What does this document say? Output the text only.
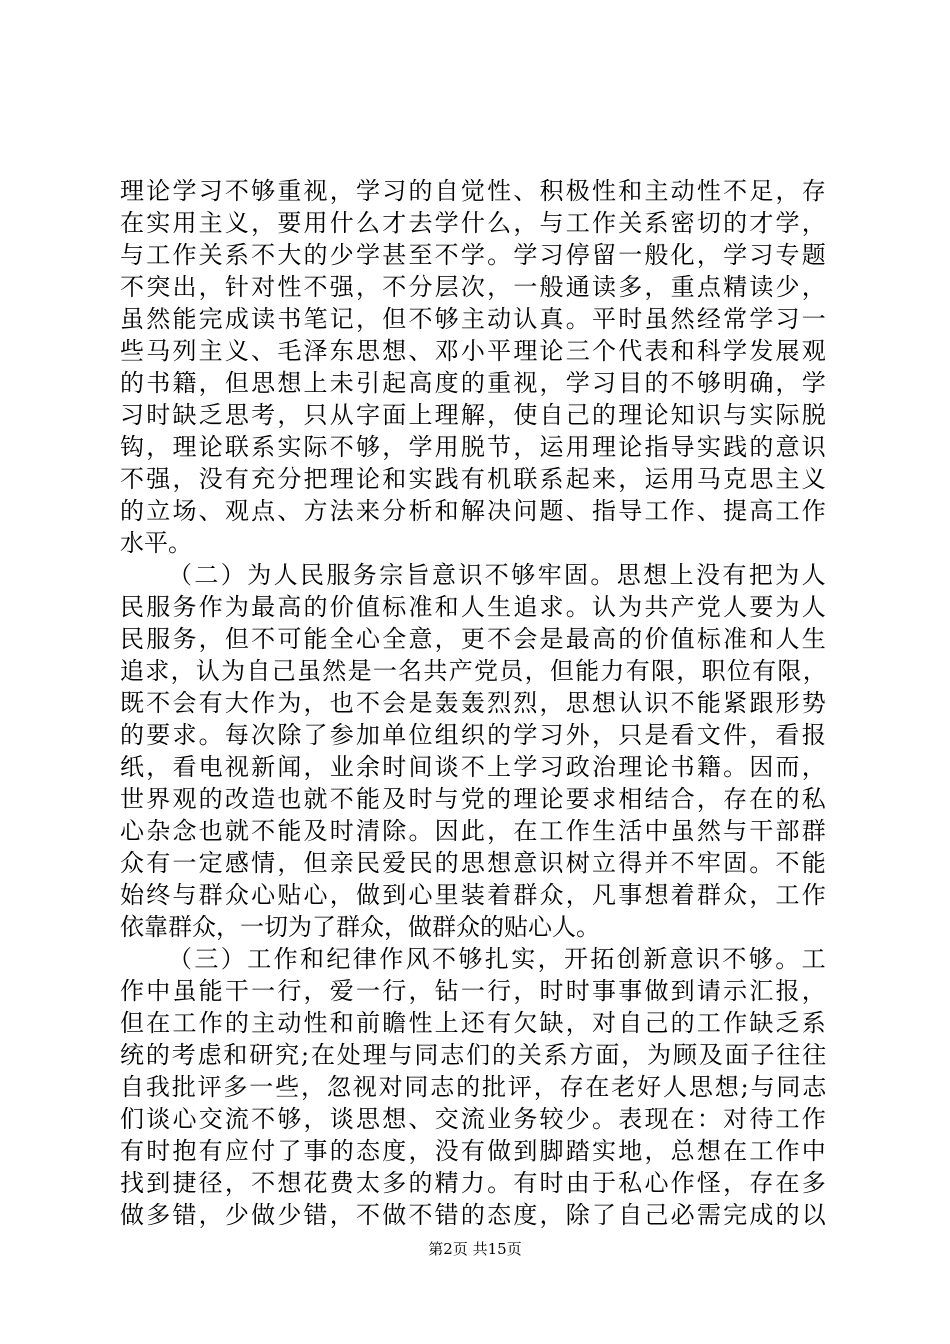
理论学习不够重视，学习的自觉性、积极性和主动性不足，存
在实用主义，要用什么才去学什么，与工作关系密切的才学，
与工作关系不大的少学甚至不学。学习停留一般化，学习专题
不突出，针对性不强，不分层次，一般通读多，重点精读少，
虽然能完成读书笔记，但不够主动认真。平时虽然经常学习一
些马列主义、毛泽东思想、邓小平理论三个代表和科学发展观
的书籍，但思想上未引起高度的重视，学习目的不够明确，学
习时缺乏思考，只从字面上理解，使自己的理论知识与实际脱
钩，理论联系实际不够，学用脱节，运用理论指导实践的意识
不强，没有充分把理论和实践有机联系起来，运用马克思主义
的立场、观点、方法来分析和解决问题、指导工作、提高工作
水平。
（二）为人民服务宗旨意识不够牢固。思想上没有把为人
民服务作为最高的价值标准和人生追求。认为共产党人要为人
民服务，但不可能全心全意，更不会是最高的价值标准和人生
追求，认为自己虽然是一名共产党员，但能力有限，职位有限，
既不会有大作为，也不会是轰轰烈烈，思想认识不能紧跟形势
的要求。每次除了参加单位组织的学习外，只是看文件，看报
纸，看电视新闻，业余时间谈不上学习政治理论书籍。因而，
世界观的改造也就不能及时与党的理论要求相结合，存在的私
心杂念也就不能及时清除。因此，在工作生活中虽然与干部群
众有一定感情，但亲民爱民的思想意识树立得并不牢固。不能
始终与群众心贴心，做到心里装着群众，凡事想着群众，工作
依靠群众，一切为了群众，做群众的贴心人。
（三）工作和纪律作风不够扎实，开拓创新意识不够。工
作中虽能干一行，爱一行，钻一行，时时事事做到请示汇报，
但在工作的主动性和前瞻性上还有欠缺，对自己的工作缺乏系
统的考虑和研究;在处理与同志们的关系方面，为顾及面子往往
自我批评多一些，忽视对同志的批评，存在老好人思想;与同志
们谈心交流不够，谈思想、交流业务较少。表现在：对待工作
有时抱有应付了事的态度，没有做到脚踏实地，总想在工作中
找到捷径，不想花费太多的精力。有时由于私心作怪，存在多
做多错，少做少错，不做不错的态度，除了自己必需完成的以
第2页 共15页
